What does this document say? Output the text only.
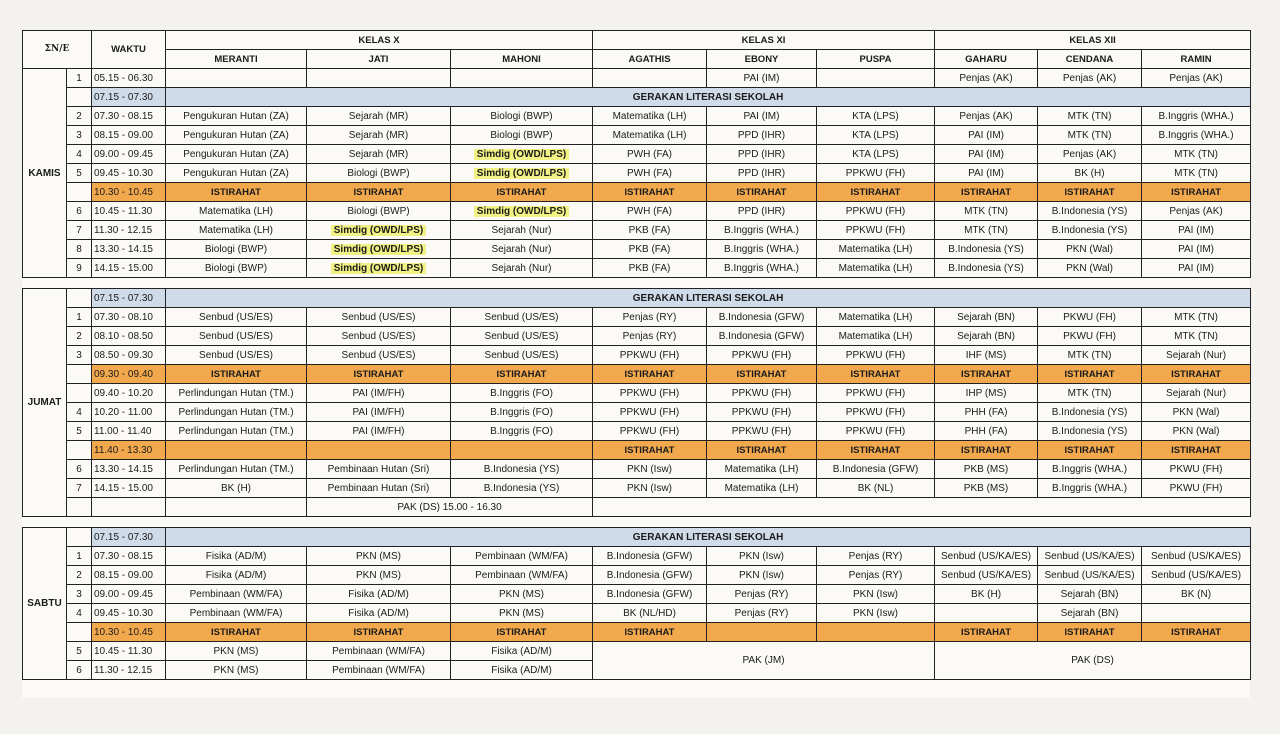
ΣΝ/Ε		WAKTU	KELAS X			KELAS XI			KELAS XII		
			MERANTI	JATI	MAHONI	AGATHIS	EBONY	PUSPA	GAHARU	CENDANA	RAMIN
KAMIS	1	05.15 - 06.30					PAI (IM)		Penjas (AK)	Penjas (AK)	Penjas (AK)
		07.15 - 07.30	GERAKAN LITERASI SEKOLAH								
	2	07.30 - 08.15	Pengukuran Hutan (ZA)	Sejarah (MR)	Biologi (BWP)	Matematika (LH)	PAI (IM)	KTA (LPS)	Penjas (AK)	MTK (TN)	B.Inggris (WHA.)
	3	08.15 - 09.00	Pengukuran Hutan (ZA)	Sejarah (MR)	Biologi (BWP)	Matematika (LH)	PPD (IHR)	KTA (LPS)	PAI (IM)	MTK (TN)	B.Inggris (WHA.)
	4	09.00 - 09.45	Pengukuran Hutan (ZA)	Sejarah (MR)	Simdig (OWD/LPS)	PWH (FA)	PPD (IHR)	KTA (LPS)	PAI (IM)	Penjas (AK)	MTK (TN)
	5	09.45 - 10.30	Pengukuran Hutan (ZA)	Biologi (BWP)	Simdig (OWD/LPS)	PWH (FA)	PPD (IHR)	PPKWU (FH)	PAI (IM)	BK (H)	MTK (TN)
		10.30 - 10.45	ISTIRAHAT	ISTIRAHAT	ISTIRAHAT	ISTIRAHAT	ISTIRAHAT	ISTIRAHAT	ISTIRAHAT	ISTIRAHAT	ISTIRAHAT
	6	10.45 - 11.30	Matematika (LH)	Biologi (BWP)	Simdig (OWD/LPS)	PWH (FA)	PPD (IHR)	PPKWU (FH)	MTK (TN)	B.Indonesia (YS)	Penjas (AK)
	7	11.30 - 12.15	Matematika (LH)	Simdig (OWD/LPS)	Sejarah (Nur)	PKB (FA)	B.Inggris (WHA.)	PPKWU (FH)	MTK (TN)	B.Indonesia (YS)	PAI (IM)
	8	13.30 - 14.15	Biologi (BWP)	Simdig (OWD/LPS)	Sejarah (Nur)	PKB (FA)	B.Inggris (WHA.)	Matematika (LH)	B.Indonesia (YS)	PKN (Wal)	PAI (IM)
	9	14.15 - 15.00	Biologi (BWP)	Simdig (OWD/LPS)	Sejarah (Nur)	PKB (FA)	B.Inggris (WHA.)	Matematika (LH)	B.Indonesia (YS)	PKN (Wal)	PAI (IM)

JUMAT		07.15 - 07.30	GERAKAN LITERASI SEKOLAH								
	1	07.30 - 08.10	Senbud (US/ES)	Senbud (US/ES)	Senbud (US/ES)	Penjas (RY)	B.Indonesia (GFW)	Matematika (LH)	Sejarah (BN)	PKWU (FH)	MTK (TN)
	2	08.10 - 08.50	Senbud (US/ES)	Senbud (US/ES)	Senbud (US/ES)	Penjas (RY)	B.Indonesia (GFW)	Matematika (LH)	Sejarah (BN)	PKWU (FH)	MTK (TN)
	3	08.50 - 09.30	Senbud (US/ES)	Senbud (US/ES)	Senbud (US/ES)	PPKWU (FH)	PPKWU (FH)	PPKWU (FH)	IHF (MS)	MTK (TN)	Sejarah (Nur)
		09.30 - 09.40	ISTIRAHAT	ISTIRAHAT	ISTIRAHAT	ISTIRAHAT	ISTIRAHAT	ISTIRAHAT	ISTIRAHAT	ISTIRAHAT	ISTIRAHAT
		09.40 - 10.20	Perlindungan Hutan (TM.)	PAI (IM/FH)	B.Inggris (FO)	PPKWU (FH)	PPKWU (FH)	PPKWU (FH)	IHP (MS)	MTK (TN)	Sejarah (Nur)
	4	10.20 - 11.00	Perlindungan Hutan (TM.)	PAI (IM/FH)	B.Inggris (FO)	PPKWU (FH)	PPKWU (FH)	PPKWU (FH)	PHH (FA)	B.Indonesia (YS)	PKN (Wal)
	5	11.00 - 11.40	Perlindungan Hutan (TM.)	PAI (IM/FH)	B.Inggris (FO)	PPKWU (FH)	PPKWU (FH)	PPKWU (FH)	PHH (FA)	B.Indonesia (YS)	PKN (Wal)
		11.40 - 13.30				ISTIRAHAT	ISTIRAHAT	ISTIRAHAT	ISTIRAHAT	ISTIRAHAT	ISTIRAHAT
	6	13.30 - 14.15	Perlindungan Hutan (TM.)	Pembinaan Hutan (Sri)	B.Indonesia (YS)	PKN (Isw)	Matematika (LH)	B.Indonesia (GFW)	PKB (MS)	B.Inggris (WHA.)	PKWU (FH)
	7	14.15 - 15.00	BK (H)	Pembinaan Hutan (Sri)	B.Indonesia (YS)	PKN (Isw)	Matematika (LH)	BK (NL)	PKB (MS)	B.Inggris (WHA.)	PKWU (FH)
				PAK (DS) 15.00 - 16.30							

SABTU		07.15 - 07.30	GERAKAN LITERASI SEKOLAH								
	1	07.30 - 08.15	Fisika (AD/M)	PKN (MS)	Pembinaan (WM/FA)	B.Indonesia (GFW)	PKN (Isw)	Penjas (RY)	Senbud (US/KA/ES)	Senbud (US/KA/ES)	Senbud (US/KA/ES)
	2	08.15 - 09.00	Fisika (AD/M)	PKN (MS)	Pembinaan (WM/FA)	B.Indonesia (GFW)	PKN (Isw)	Penjas (RY)	Senbud (US/KA/ES)	Senbud (US/KA/ES)	Senbud (US/KA/ES)
	3	09.00 - 09.45	Pembinaan (WM/FA)	Fisika (AD/M)	PKN (MS)	B.Indonesia (GFW)	Penjas (RY)	PKN (Isw)	BK (H)	Sejarah (BN)	BK (N)
	4	09.45 - 10.30	Pembinaan (WM/FA)	Fisika (AD/M)	PKN (MS)	BK (NL/HD)	Penjas (RY)	PKN (Isw)		Sejarah (BN)	
		10.30 - 10.45	ISTIRAHAT	ISTIRAHAT	ISTIRAHAT	ISTIRAHAT			ISTIRAHAT	ISTIRAHAT	ISTIRAHAT
	5	10.45 - 11.30	PKN (MS)	Pembinaan (WM/FA)	Fisika (AD/M)	PAK (JM)			PAK (DS)		
	6	11.30 - 12.15	PKN (MS)	Pembinaan (WM/FA)	Fisika (AD/M)						
